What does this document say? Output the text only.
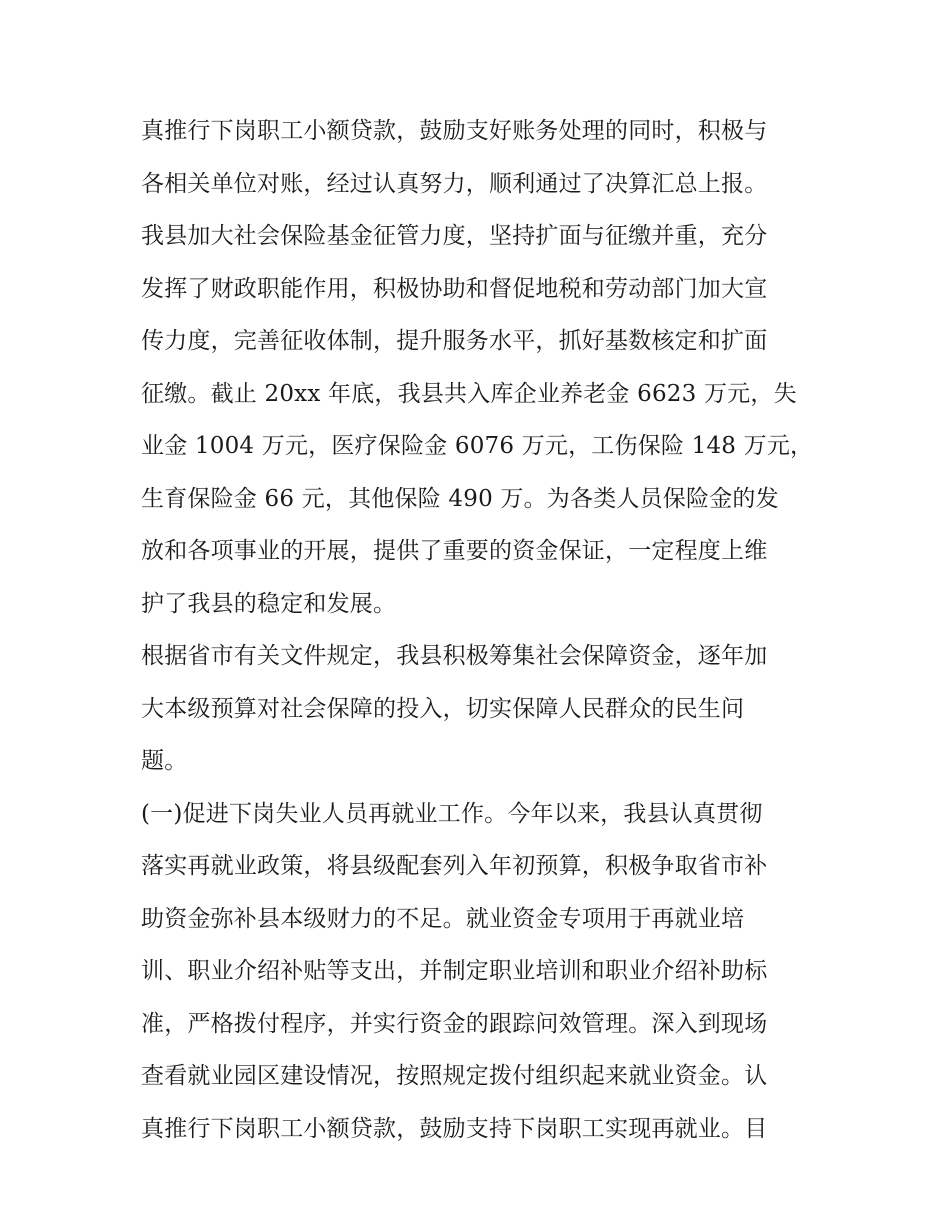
真推行下岗职工小额贷款，鼓励支好账务处理的同时，积极与
各相关单位对账，经过认真努力，顺利通过了决算汇总上报。
我县加大社会保险基金征管力度，坚持扩面与征缴并重，充分
发挥了财政职能作用，积极协助和督促地税和劳动部门加大宣
传力度，完善征收体制，提升服务水平，抓好基数核定和扩面
征缴。截止 20xx 年底，我县共入库企业养老金 6623 万元，失
业金 1004 万元，医疗保险金 6076 万元，工伤保险 148 万元，
生育保险金 66 元，其他保险 490 万。为各类人员保险金的发
放和各项事业的开展，提供了重要的资金保证，一定程度上维
护了我县的稳定和发展。
根据省市有关文件规定，我县积极筹集社会保障资金，逐年加
大本级预算对社会保障的投入，切实保障人民群众的民生问
题。
(一)促进下岗失业人员再就业工作。今年以来，我县认真贯彻
落实再就业政策，将县级配套列入年初预算，积极争取省市补
助资金弥补县本级财力的不足。就业资金专项用于再就业培
训、职业介绍补贴等支出，并制定职业培训和职业介绍补助标
准，严格拨付程序，并实行资金的跟踪问效管理。深入到现场
查看就业园区建设情况，按照规定拨付组织起来就业资金。认
真推行下岗职工小额贷款，鼓励支持下岗职工实现再就业。目
